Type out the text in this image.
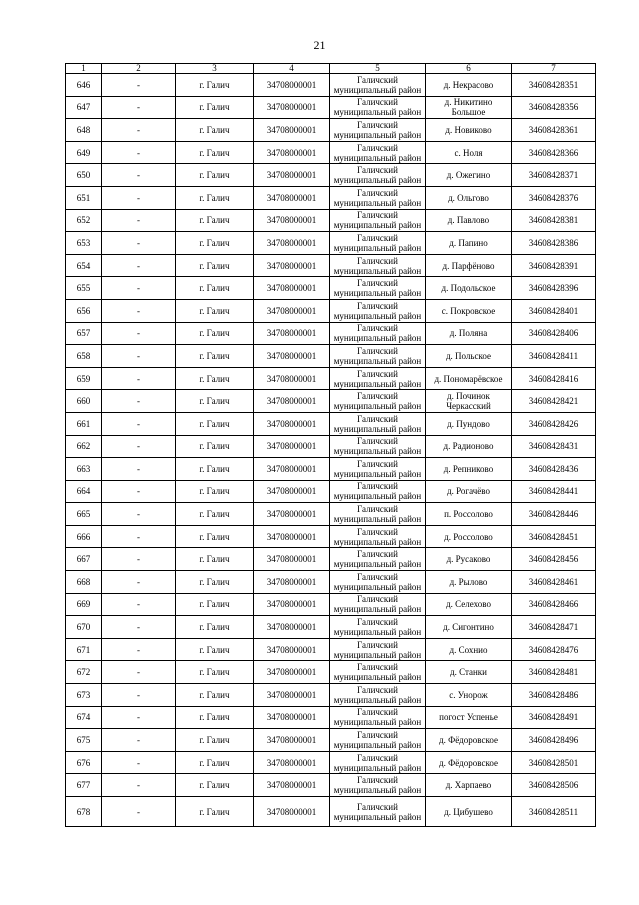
21
1	2	3	4	5	6	7
646	-	г. Галич	34708000001	Галичский муниципальный район	д. Некрасово	34608428351
647	-	г. Галич	34708000001	Галичский муниципальный район	д. Никитино Большое	34608428356
648	-	г. Галич	34708000001	Галичский муниципальный район	д. Новиково	34608428361
649	-	г. Галич	34708000001	Галичский муниципальный район	с. Ноля	34608428366
650	-	г. Галич	34708000001	Галичский муниципальный район	д. Ожегино	34608428371
651	-	г. Галич	34708000001	Галичский муниципальный район	д. Ольгово	34608428376
652	-	г. Галич	34708000001	Галичский муниципальный район	д. Павлово	34608428381
653	-	г. Галич	34708000001	Галичский муниципальный район	д. Папино	34608428386
654	-	г. Галич	34708000001	Галичский муниципальный район	д. Парфёново	34608428391
655	-	г. Галич	34708000001	Галичский муниципальный район	д. Подольское	34608428396
656	-	г. Галич	34708000001	Галичский муниципальный район	с. Покровское	34608428401
657	-	г. Галич	34708000001	Галичский муниципальный район	д. Поляна	34608428406
658	-	г. Галич	34708000001	Галичский муниципальный район	д. Польское	34608428411
659	-	г. Галич	34708000001	Галичский муниципальный район	д. Пономарёвское	34608428416
660	-	г. Галич	34708000001	Галичский муниципальный район	д. Починок Черкасский	34608428421
661	-	г. Галич	34708000001	Галичский муниципальный район	д. Пундово	34608428426
662	-	г. Галич	34708000001	Галичский муниципальный район	д. Радионово	34608428431
663	-	г. Галич	34708000001	Галичский муниципальный район	д. Репниково	34608428436
664	-	г. Галич	34708000001	Галичский муниципальный район	д. Рогачёво	34608428441
665	-	г. Галич	34708000001	Галичский муниципальный район	п. Россолово	34608428446
666	-	г. Галич	34708000001	Галичский муниципальный район	д. Россолово	34608428451
667	-	г. Галич	34708000001	Галичский муниципальный район	д. Русаково	34608428456
668	-	г. Галич	34708000001	Галичский муниципальный район	д. Рылово	34608428461
669	-	г. Галич	34708000001	Галичский муниципальный район	д. Селехово	34608428466
670	-	г. Галич	34708000001	Галичский муниципальный район	д. Сигонтино	34608428471
671	-	г. Галич	34708000001	Галичский муниципальный район	д. Сохнио	34608428476
672	-	г. Галич	34708000001	Галичский муниципальный район	д. Станки	34608428481
673	-	г. Галич	34708000001	Галичский муниципальный район	с. Унорож	34608428486
674	-	г. Галич	34708000001	Галичский муниципальный район	погост Успенье	34608428491
675	-	г. Галич	34708000001	Галичский муниципальный район	д. Фёдоровское	34608428496
676	-	г. Галич	34708000001	Галичский муниципальный район	д. Фёдоровское	34608428501
677	-	г. Галич	34708000001	Галичский муниципальный район	д. Харпаево	34608428506
678	-	г. Галич	34708000001	Галичский муниципальный район	д. Цибушево	34608428511
